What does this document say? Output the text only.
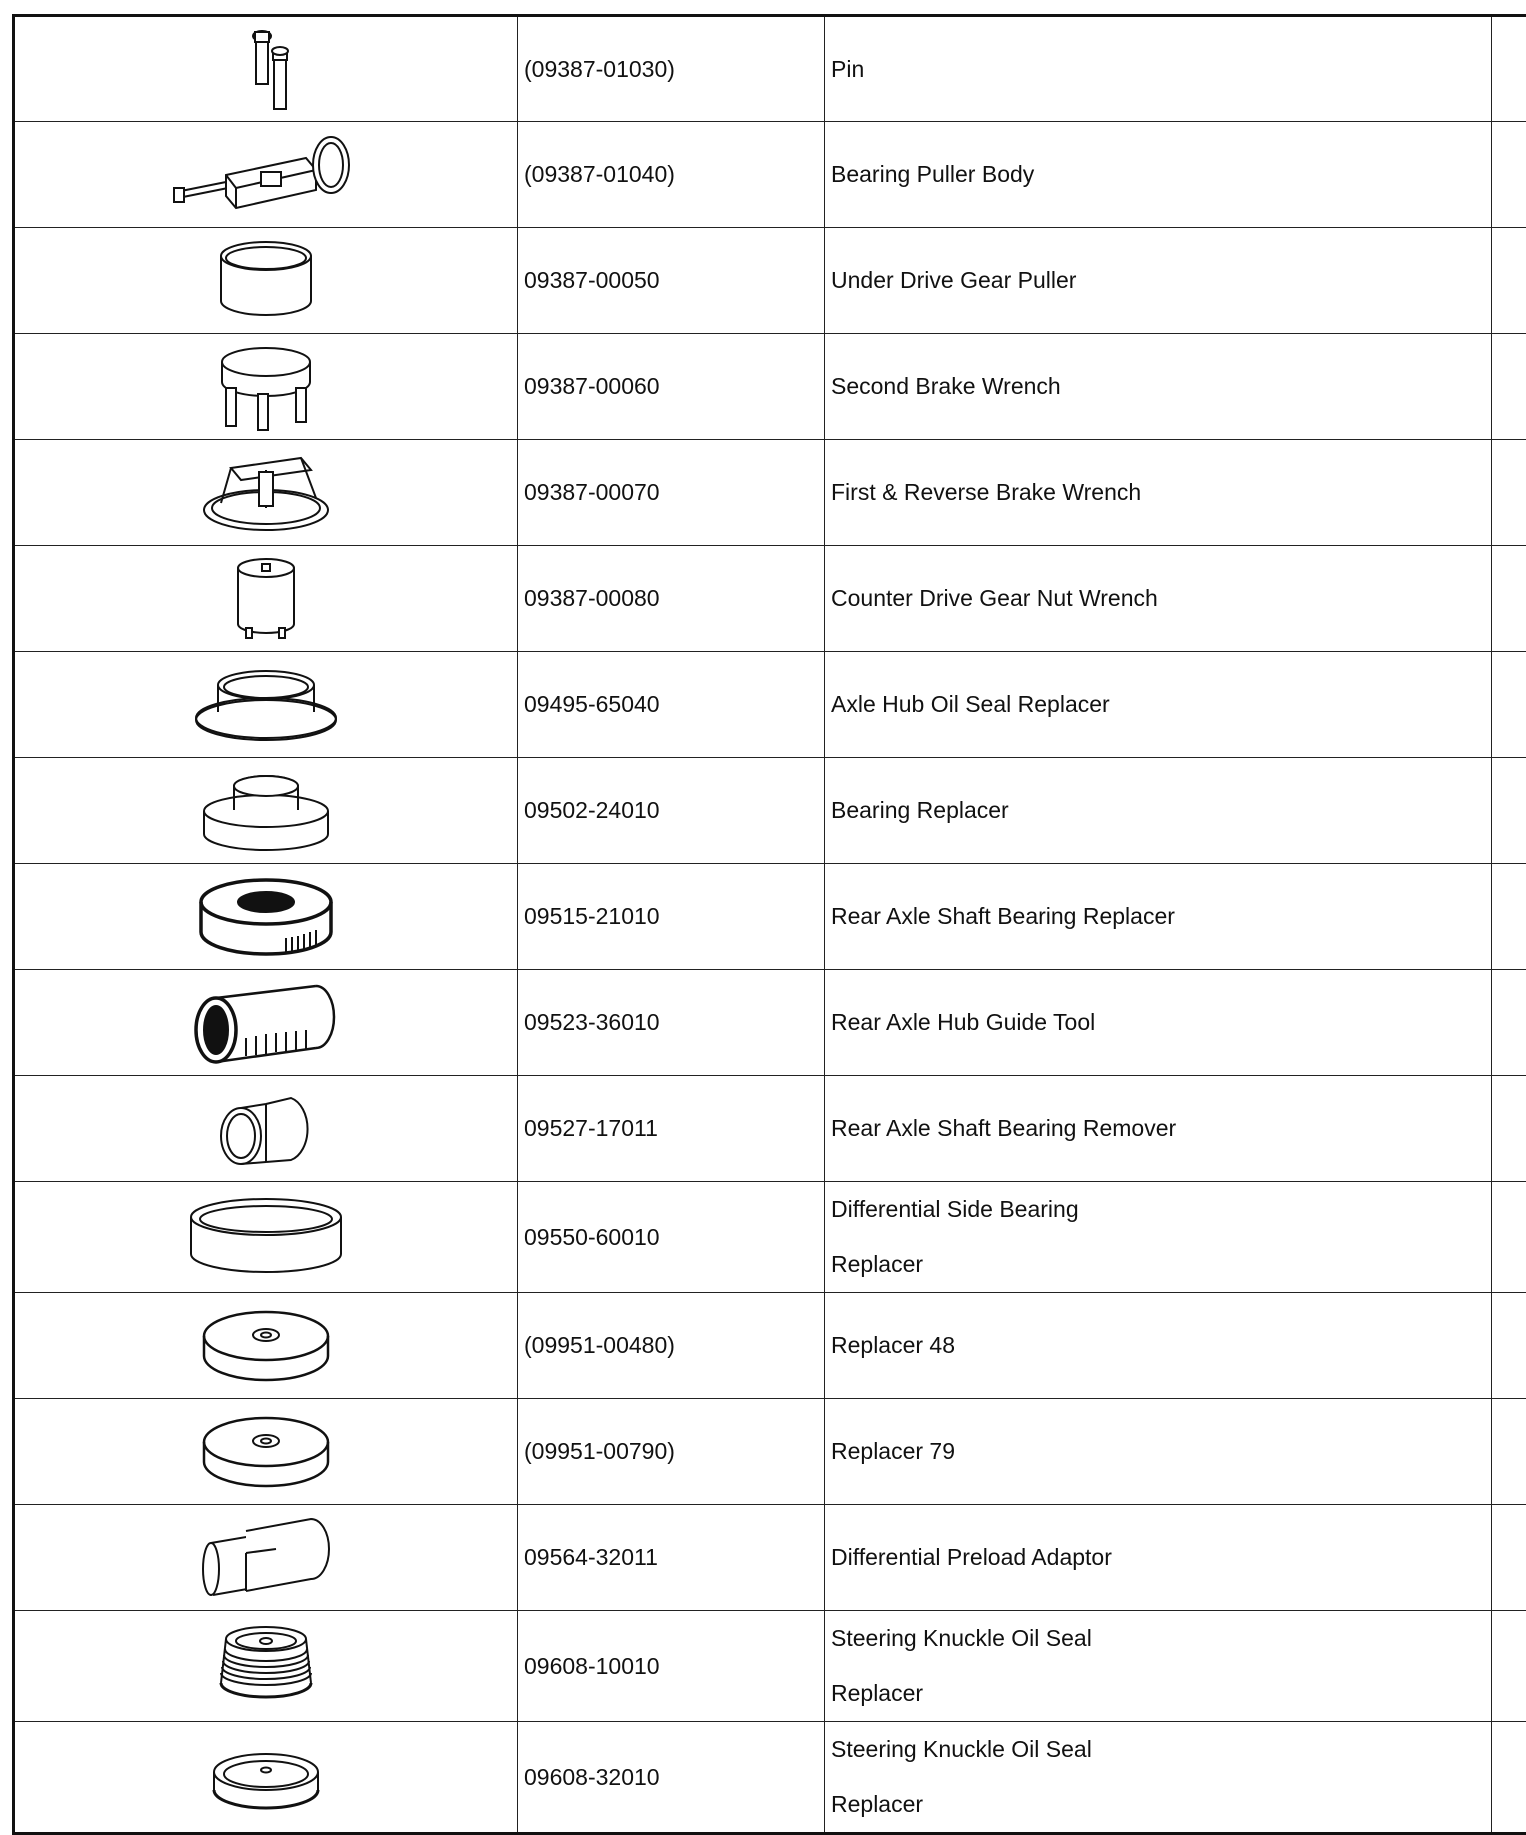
	(09387-01030)	Pin	

	(09387-01040)	Bearing Puller Body	

	09387-00050	Under Drive Gear Puller	

	09387-00060	Second Brake Wrench	

	09387-00070	First & Reverse Brake Wrench	

	09387-00080	Counter Drive Gear Nut Wrench	

	09495-65040	Axle Hub Oil Seal Replacer	

	09502-24010	Bearing Replacer	

	09515-21010	Rear Axle Shaft Bearing Replacer	

	09523-36010	Rear Axle Hub Guide Tool	

	09527-17011	Rear Axle Shaft Bearing Remover	

	09550-60010	Differential Side Bearing
Replacer	

	(09951-00480)	Replacer 48	

	(09951-00790)	Replacer 79	

	09564-32011	Differential Preload Adaptor	

	09608-10010	Steering Knuckle Oil Seal
Replacer	

	09608-32010	Steering Knuckle Oil Seal
Replacer	
